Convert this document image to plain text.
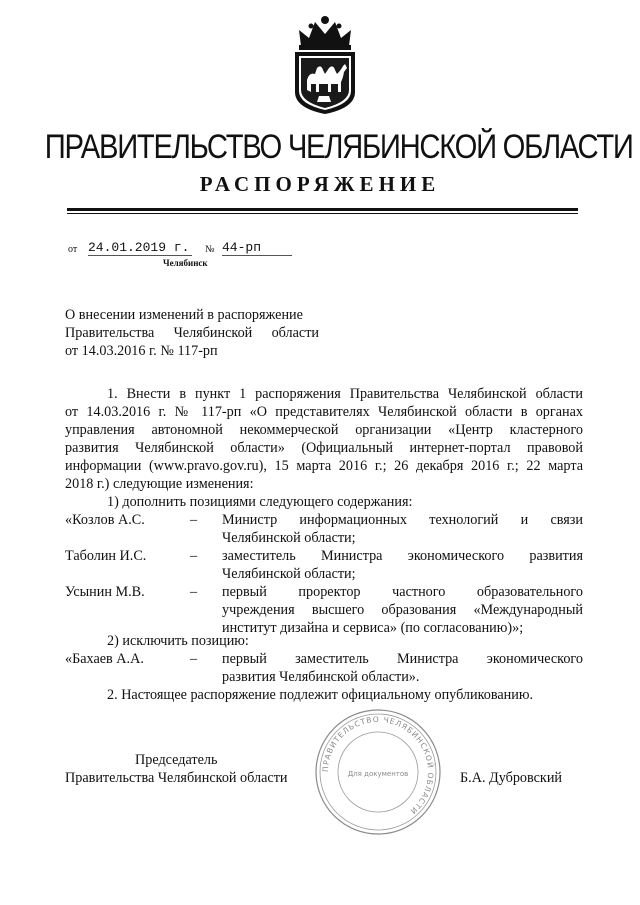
ПРАВИТЕЛЬСТВО ЧЕЛЯБИНСКОЙ ОБЛАСТИ
РАСПОРЯЖЕНИЕ
от 24.01.2019 г. № 44-рп
Челябинск
О внесении изменений в распоряжение
Правительства Челябинской области
от 14.03.2016 г. № 117-рп
1. Внести в пункт 1 распоряжения Правительства Челябинской области
от 14.03.2016 г. № 117-рп «О представителях Челябинской области в органах
управления автономной некоммерческой организации «Центр кластерного
развития Челябинской области» (Официальный интернет-портал правовой
информации (www.pravo.gov.ru), 15 марта 2016 г.; 26 декабря 2016 г.; 22 марта
2018 г.) следующие изменения:
1) дополнить позициями следующего содержания:
«Козлов А.С.	– Министр информационных технологий и связи
Челябинской области;
Таболин И.С.	– заместитель Министра экономического развития
Челябинской области;
Усынин М.В.	– первый проректор частного образовательного
учреждения высшего образования «Международный
институт дизайна и сервиса» (по согласованию)»;
2) исключить позицию:
«Бахаев А.А.	– первый заместитель Министра экономического
развития Челябинской области».
2. Настоящее распоряжение подлежит официальному опубликованию.
Председатель
Правительства Челябинской области	Б.А. Дубровский
ПРАВИТЕЛЬСТВО ЧЕЛЯБИНСКОЙ ОБЛАСТИ
Для документов
